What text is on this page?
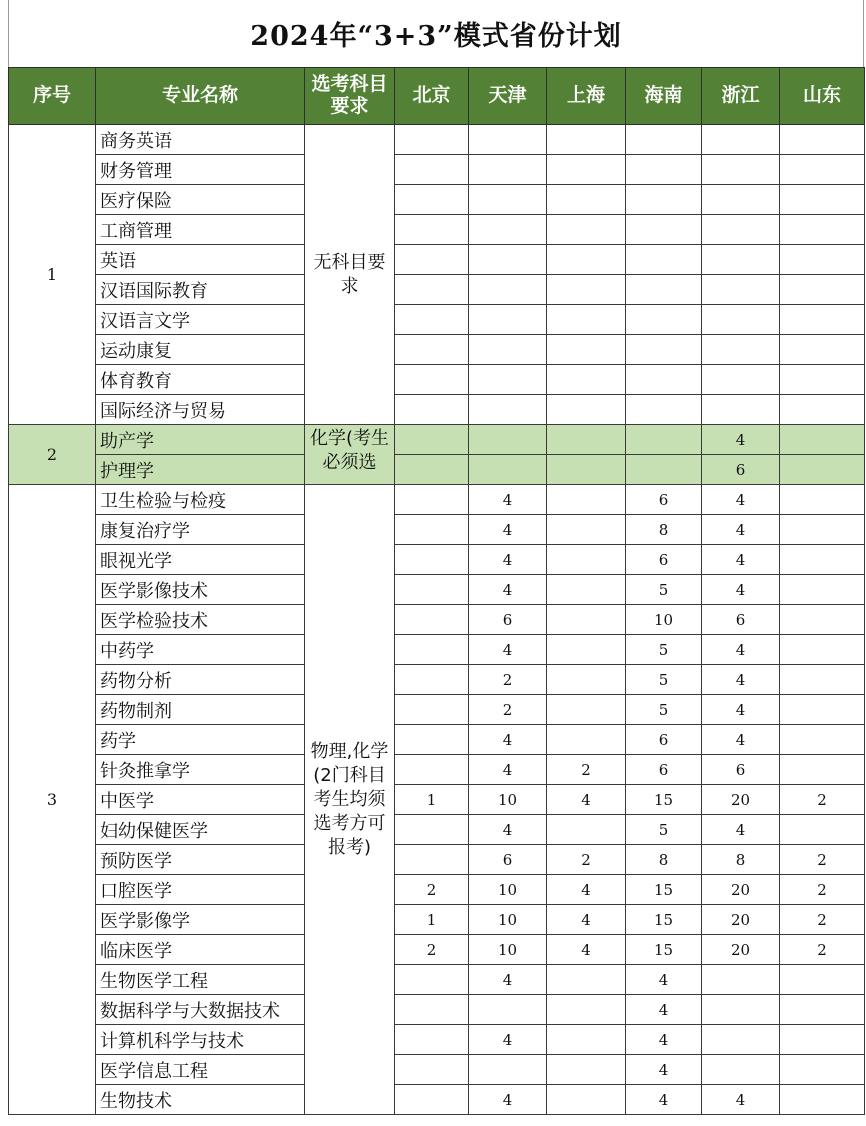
2024年“3+3”模式省份计划
序号	专业名称	选考科目要求	北京	天津	上海	海南	浙江	山东
1	商务英语	无科目要求						
	财务管理							
	医疗保险							
	工商管理							
	英语							
	汉语国际教育							
	汉语言文学							
	运动康复							
	体育教育							
	国际经济与贸易							
2	助产学	化学(考生必须选					4	
	护理学						6	
3	卫生检验与检疫	物理,化学(2门科目考生均须选考方可报考)		4		6	4	
	康复治疗学			4		8	4	
	眼视光学			4		6	4	
	医学影像技术			4		5	4	
	医学检验技术			6		10	6	
	中药学			4		5	4	
	药物分析			2		5	4	
	药物制剂			2		5	4	
	药学			4		6	4	
	针灸推拿学			4	2	6	6	
	中医学		1	10	4	15	20	2
	妇幼保健医学			4		5	4	
	预防医学			6	2	8	8	2
	口腔医学		2	10	4	15	20	2
	医学影像学		1	10	4	15	20	2
	临床医学		2	10	4	15	20	2
	生物医学工程			4		4		
	数据科学与大数据技术					4		
	计算机科学与技术			4		4		
	医学信息工程					4		
	生物技术			4		4	4	
